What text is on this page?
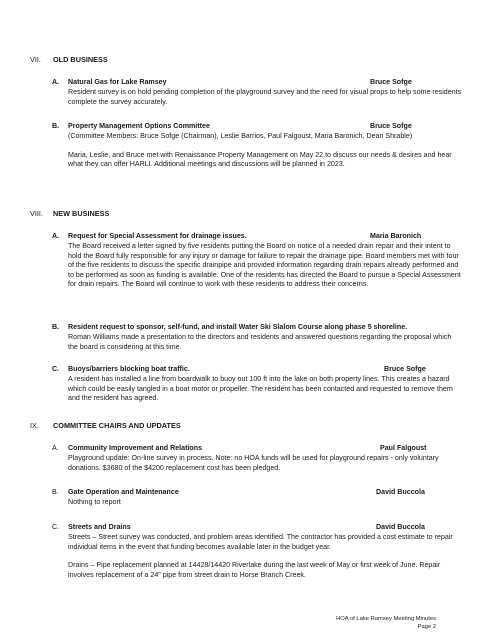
VII.	OLD BUSINESS
A. Natural Gas for Lake Ramsey	Bruce Sofge

Resident survey is on hold pending completion of the playground survey and the need for visual props to help some residents complete the survey accurately.

B. Property Management Options Committee	Bruce Sofge

(Committee Members: Bruce Sofge (Chairman), Leslie Barrios, Paul Falgoust, Maria Baronich, Dean Shrable)

Maria, Leslie, and Bruce met with Renaissance Property Management on May 22 to discuss our needs & desires and hear what they can offer HARLI. Additional meetings and discussions will be planned in 2023.

VIII.	NEW BUSINESS
A. Request for Special Assessment for drainage issues.	Maria Baronich

The Board received a letter signed by five residents putting the Board on notice of a needed drain repair and their intent to hold the Board fully responsible for any injury or damage for failure to repair the drainage pipe. Board members met with four of the five residents to discuss the specific drainpipe and provided information regarding drain repairs already performed and to be performed as soon as funding is available. One of the residents has directed the Board to pursue a Special Assessment for drain repairs. The Board will continue to work with these residents to address their concerns.

B. Resident request to sponsor, self-fund, and install Water Ski Slalom Course along phase 5 shoreline.

Roman Williams made a presentation to the directors and residents and answered questions regarding the proposal which the board is considering at this time.

C. Buoys/barriers blocking boat traffic.	Bruce Sofge

A resident has installed a line from boardwalk to buoy out 100 ft into the lake on both property lines. This creates a hazard which could be easily tangled in a boat motor or propeller. The resident has been contacted and requested to remove them and the resident has agreed.

IX.	COMMITTEE CHAIRS AND UPDATES
A. Community Improvement and Relations	Paul Falgoust

Playground update: On-line survey in process. Note: no HOA funds will be used for playground repairs - only voluntary donations. $3680 of the $4200 replacement cost has been pledged.

B. Gate Operation and Maintenance	David Buccola

Nothing to report

C. Streets and Drains	David Buccola

Streets – Street survey was conducted, and problem areas identified. The contractor has provided a cost estimate to repair individual items in the event that funding becomes available later in the budget year.

Drains – Pipe replacement planned at 14428/14420 Riverlake during the last week of May or first week of June. Repair involves replacement of a 24" pipe from street drain to Horse Branch Creek.

HOA of Lake Ramsey Meeting Minutes
Page 2
